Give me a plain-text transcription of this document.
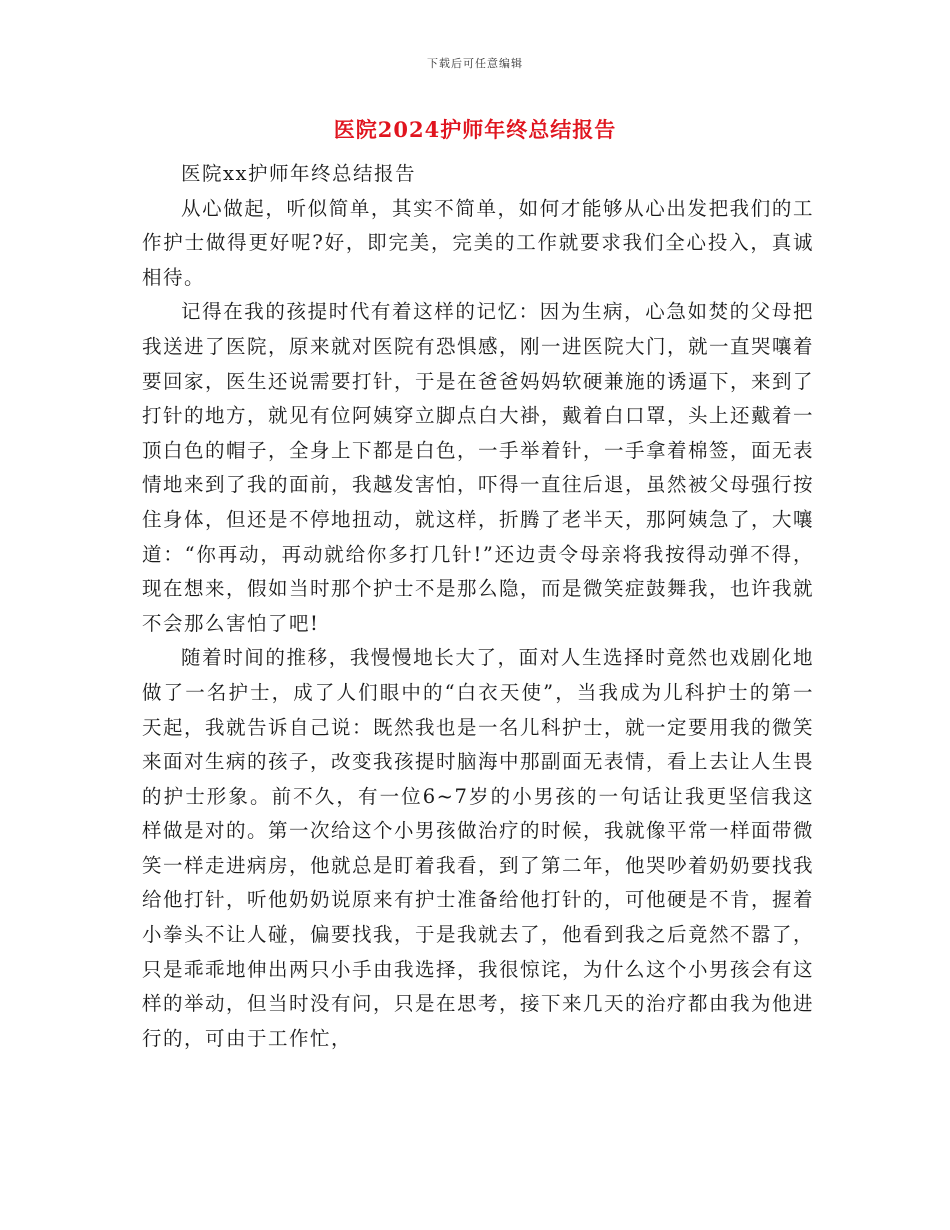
下载后可任意编辑
医院2024护师年终总结报告

医院xx护师年终总结报告

从心做起，听似简单，其实不简单，如何才能够从心出发把我们的工作护士做得更好呢?好，即完美，完美的工作就要求我们全心投入，真诚相待。

记得在我的孩提时代有着这样的记忆：因为生病，心急如焚的父母把我送进了医院，原来就对医院有恐惧感，刚一进医院大门，就一直哭嚷着要回家，医生还说需要打针，于是在爸爸妈妈软硬兼施的诱逼下，来到了打针的地方，就见有位阿姨穿立脚点白大褂，戴着白口罩，头上还戴着一顶白色的帽子，全身上下都是白色，一手举着针，一手拿着棉签，面无表情地来到了我的面前，我越发害怕，吓得一直往后退，虽然被父母强行按住身体，但还是不停地扭动，就这样，折腾了老半天，那阿姨急了，大嚷道：“你再动，再动就给你多打几针!”还边责令母亲将我按得动弹不得，现在想来，假如当时那个护士不是那么隐，而是微笑症鼓舞我，也许我就不会那么害怕了吧!

随着时间的推移，我慢慢地长大了，面对人生选择时竟然也戏剧化地做了一名护士，成了人们眼中的“白衣天使”，当我成为儿科护士的第一天起，我就告诉自己说：既然我也是一名儿科护士，就一定要用我的微笑来面对生病的孩子，改变我孩提时脑海中那副面无表情，看上去让人生畏的护士形象。前不久，有一位6~7岁的小男孩的一句话让我更坚信我这样做是对的。第一次给这个小男孩做治疗的时候，我就像平常一样面带微笑一样走进病房，他就总是盯着我看，到了第二年，他哭吵着奶奶要找我给他打针，听他奶奶说原来有护士准备给他打针的，可他硬是不肯，握着小拳头不让人碰，偏要找我，于是我就去了，他看到我之后竟然不嚣了，只是乖乖地伸出两只小手由我选择，我很惊诧，为什么这个小男孩会有这样的举动，但当时没有问，只是在思考，接下来几天的治疗都由我为他进行的，可由于工作忙，
